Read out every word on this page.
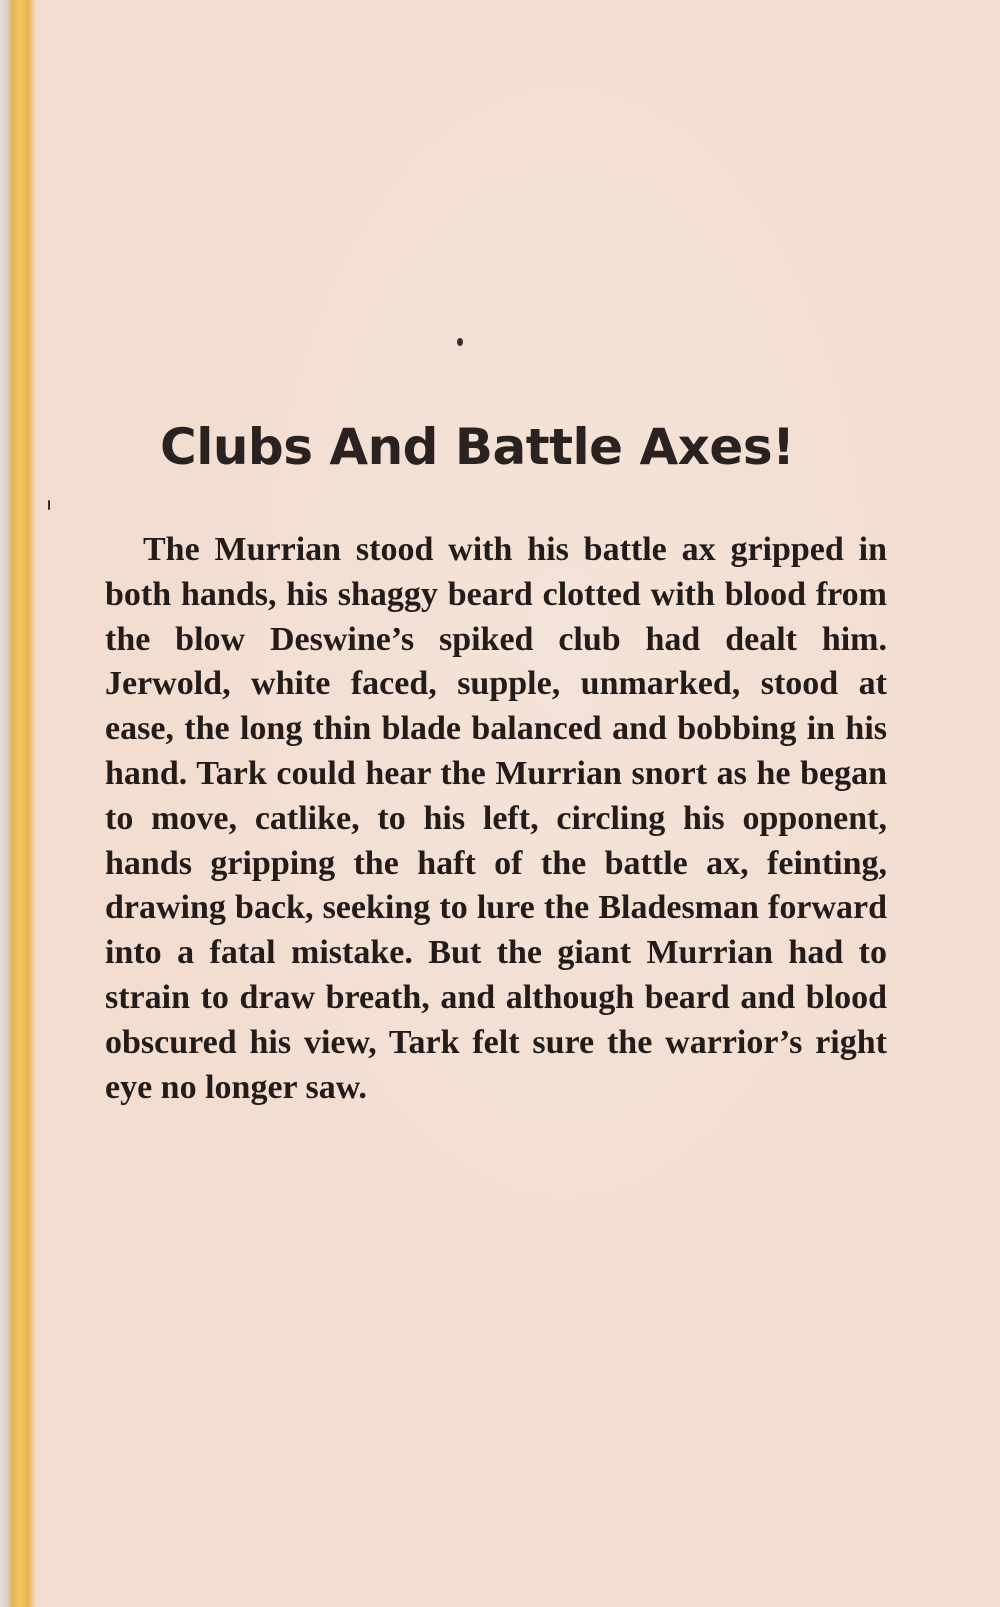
Clubs And Battle Axes!

The Murrian stood with his battle ax gripped in both hands, his shaggy beard clotted with blood from the blow Deswine’s spiked club had dealt him. Jerwold, white faced, supple, unmarked, stood at ease, the long thin blade balanced and bobbing in his hand. Tark could hear the Murrian snort as he began to move, catlike, to his left, circling his opponent, hands gripping the haft of the battle ax, feinting, drawing back, seeking to lure the Bladesman forward into a fatal mistake. But the giant Murrian had to strain to draw breath, and although beard and blood obscured his view, Tark felt sure the warrior’s right eye no longer saw.
